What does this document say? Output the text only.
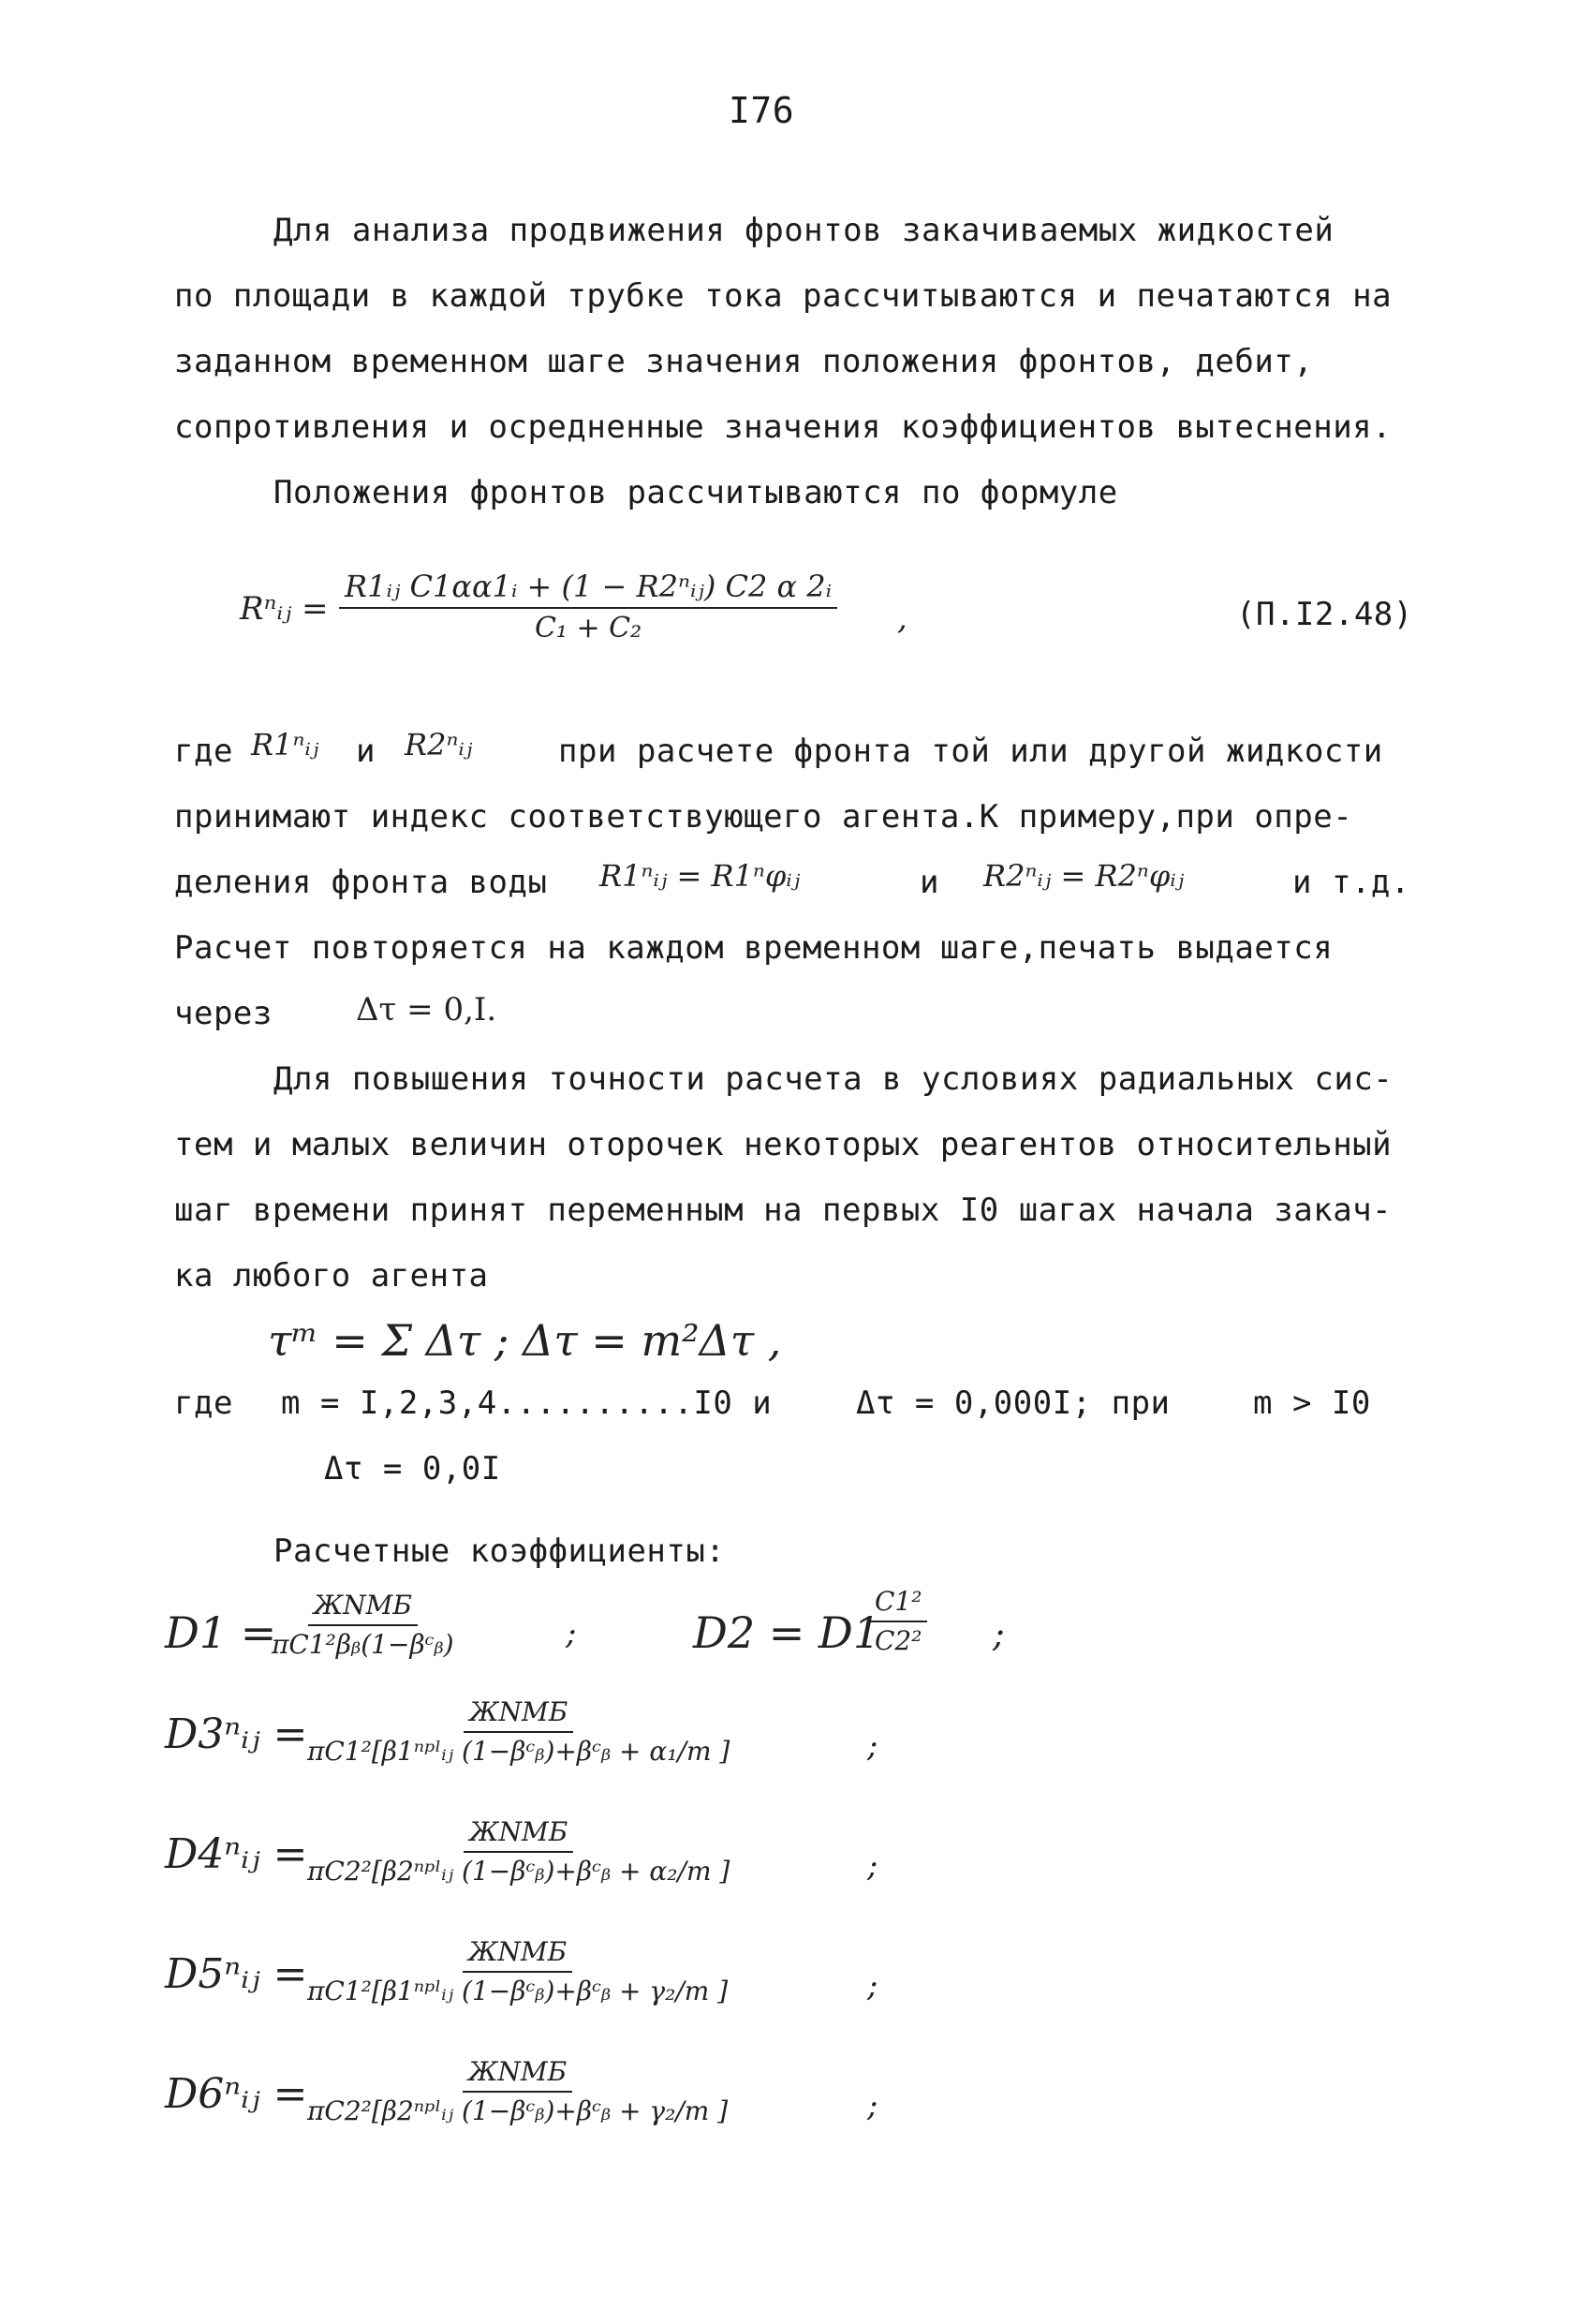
I76
Для анализа продвижения фронтов закачиваемых жидкостей
по площади в каждой трубке тока рассчитываются и печатаются на
заданном временном шаге значения положения фронтов, дебит,
сопротивления и осредненные значения коэффициентов вытеснения.
Положения фронтов рассчитываются по формуле
Rⁿᵢⱼ =
R1ᵢⱼ C1αα1ᵢ + (1 − R2ⁿᵢⱼ) C2 α 2ᵢ
C₁ + C₂	,	(П.I2.48)
где R1ⁿᵢⱼ и R2ⁿᵢⱼ	при расчете фронта той или другой жидкости
принимают индекс соответствующего агента.К примеру,при опре-
деления фронта воды R1ⁿᵢⱼ = R1ⁿφᵢⱼ	и R2ⁿᵢⱼ = R2ⁿφᵢⱼ	и т.д.
Расчет повторяется на каждом временном шаге,печать выдается
через	Δτ = 0,I.
Для повышения точности расчета в условиях радиальных сис-
тем и малых величин оторочек некоторых реагентов относительный
шаг времени принят переменным на первых I0 шагах начала закач-
ка любого агента
τᵐ = Σ Δτ ; Δτ = m²Δτ ,
где m = I,2,3,4..........I0 и	Δτ = 0,000I; при	m > I0
Δτ = 0,0I
Расчетные коэффициенты:
D1 =
ЖNMБ
πC1²βᵦ(1−βᶜᵦ)	;	D2 = D1
$\frac{\text{C1²}}{\text{C2²}}$ ;
D3ⁿᵢⱼ =	ЖNMБ
πC1²[β1ⁿᵖˡᵢⱼ (1−βᶜᵦ)+βᶜᵦ + α₁/m ]	;
D4ⁿᵢⱼ =	ЖNMБ
πC2²[β2ⁿᵖˡᵢⱼ (1−βᶜᵦ)+βᶜᵦ + α₂/m ]	;
D5ⁿᵢⱼ =	ЖNMБ
πC1²[β1ⁿᵖˡᵢⱼ (1−βᶜᵦ)+βᶜᵦ + γ₂/m ]	;
D6ⁿᵢⱼ =	ЖNMБ
πC2²[β2ⁿᵖˡᵢⱼ (1−βᶜᵦ)+βᶜᵦ + γ₂/m ]	;
